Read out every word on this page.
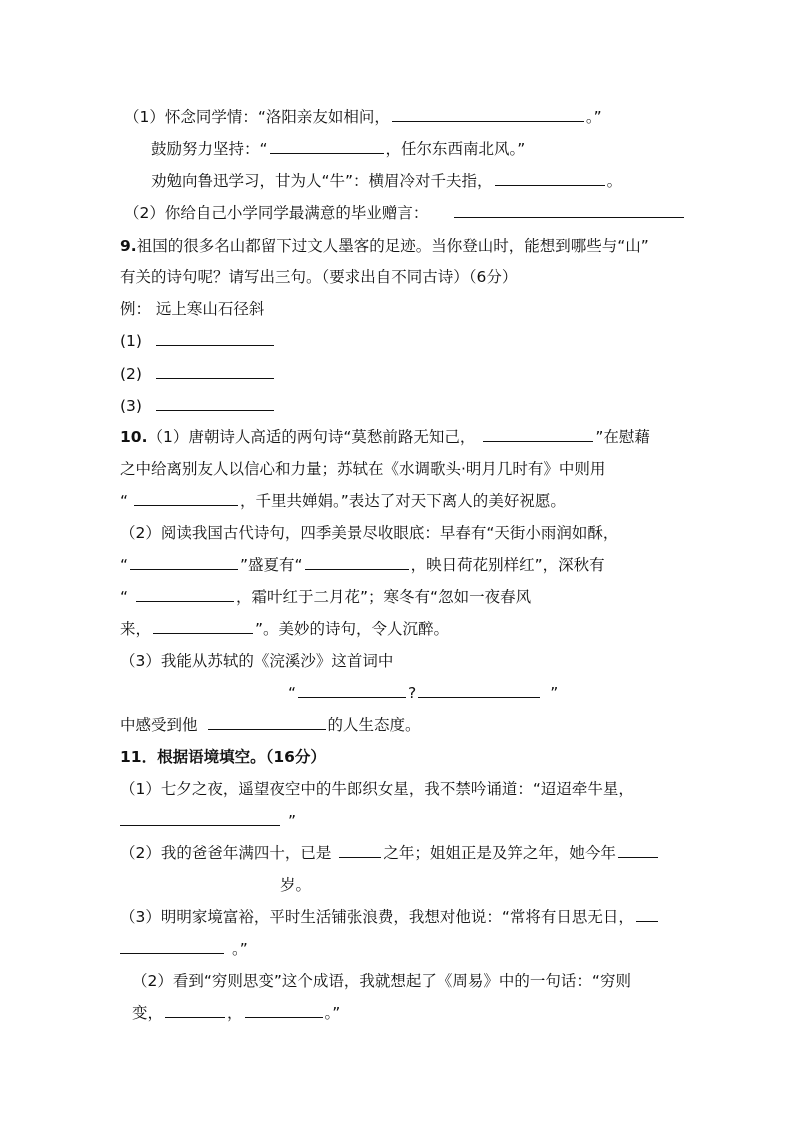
（1）怀念同学情：“洛阳亲友如相问，	。”
鼓励努力坚持：“	，任尔东西南北风。”
劝勉向鲁迅学习，甘为人“牛”：横眉冷对千夫指，	。
（2）你给自己小学同学最满意的毕业赠言：
9.祖国的很多名山都留下过文人墨客的足迹。当你登山时，能想到哪些与“山”
有关的诗句呢？请写出三句。（要求出自不同古诗）（6分）
例： 远上寒山石径斜
(1)
(2)
(3)
10.（1）唐朝诗人高适的两句诗“莫愁前路无知己，	”在慰藉
之中给离别友人以信心和力量；苏轼在《水调歌头·明月几时有》中则用
“	，千里共婵娟。”表达了对天下离人的美好祝愿。
（2）阅读我国古代诗句，四季美景尽收眼底：早春有“天街小雨润如酥，
“	”盛夏有“	，映日荷花别样红”，深秋有
“	，霜叶红于二月花”；寒冬有“忽如一夜春风
来，	”。美妙的诗句，令人沉醉。
（3）我能从苏轼的《浣溪沙》这首词中
“	?	”
中感受到他	的人生态度。
11．根据语境填空。（16分）
（1）七夕之夜，遥望夜空中的牛郎织女星，我不禁吟诵道：“迢迢牵牛星，
”
（2）我的爸爸年满四十，已是	之年；姐姐正是及笄之年，她今年
岁。
（3）明明家境富裕，平时生活铺张浪费，我想对他说：“常将有日思无日，
。”
（2）看到“穷则思变”这个成语，我就想起了《周易》中的一句话：“穷则
变，	，	。”
